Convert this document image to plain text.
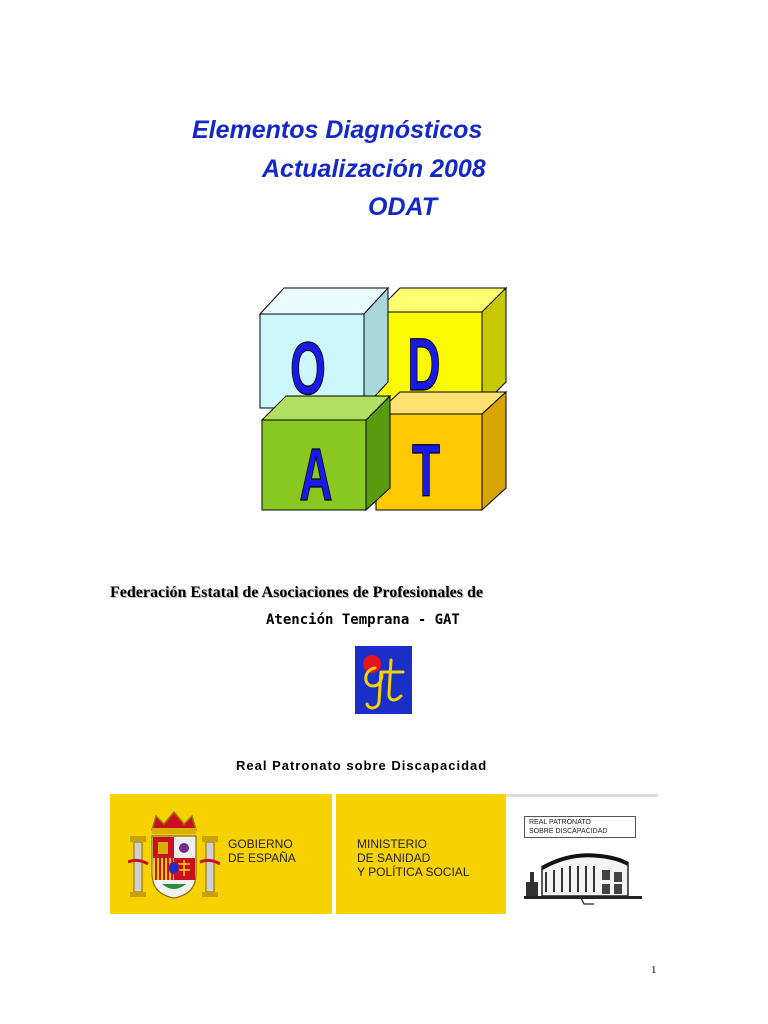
Elementos Diagnósticos
Actualización 2008
ODAT
O D
A T

Federación Estatal de Asociaciones de Profesionales de

Atención Temprana - GAT
Real Patronato sobre Discapacidad
GOBIERNO
DE ESPAÑA
MINISTERIO
DE SANIDAD
Y POLÍTICA SOCIAL
REAL PATRONATO
SOBRE DISCAPACIDAD
1
